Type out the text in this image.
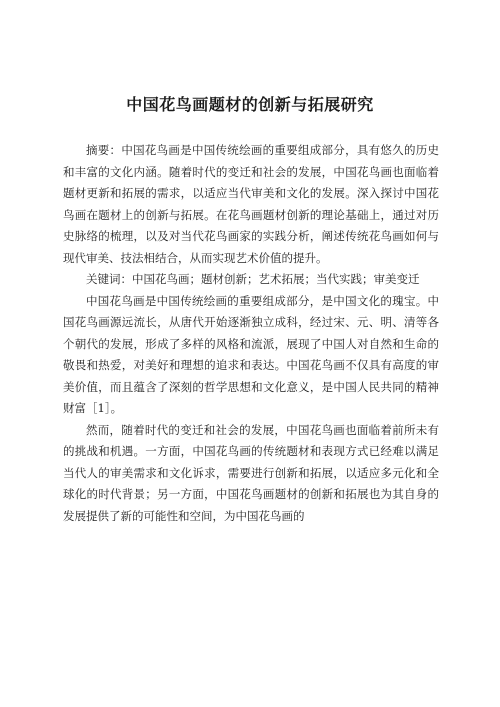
中国花鸟画题材的创新与拓展研究

摘要：中国花鸟画是中国传统绘画的重要组成部分，具有悠久的历史和丰富的文化内涵。随着时代的变迁和社会的发展，中国花鸟画也面临着题材更新和拓展的需求，以适应当代审美和文化的发展。深入探讨中国花鸟画在题材上的创新与拓展。在花鸟画题材创新的理论基础上，通过对历史脉络的梳理，以及对当代花鸟画家的实践分析，阐述传统花鸟画如何与现代审美、技法相结合，从而实现艺术价值的提升。

关键词：中国花鸟画；题材创新；艺术拓展；当代实践；审美变迁

中国花鸟画是中国传统绘画的重要组成部分，是中国文化的瑰宝。中国花鸟画源远流长，从唐代开始逐渐独立成科，经过宋、元、明、清等各个朝代的发展，形成了多样的风格和流派，展现了中国人对自然和生命的敬畏和热爱，对美好和理想的追求和表达。中国花鸟画不仅具有高度的审美价值，而且蕴含了深刻的哲学思想和文化意义，是中国人民共同的精神财富［1］。

然而，随着时代的变迁和社会的发展，中国花鸟画也面临着前所未有的挑战和机遇。一方面，中国花鸟画的传统题材和表现方式已经难以满足当代人的审美需求和文化诉求，需要进行创新和拓展，以适应多元化和全球化的时代背景；另一方面，中国花鸟画题材的创新和拓展也为其自身的发展提供了新的可能性和空间，为中国花鸟画的
